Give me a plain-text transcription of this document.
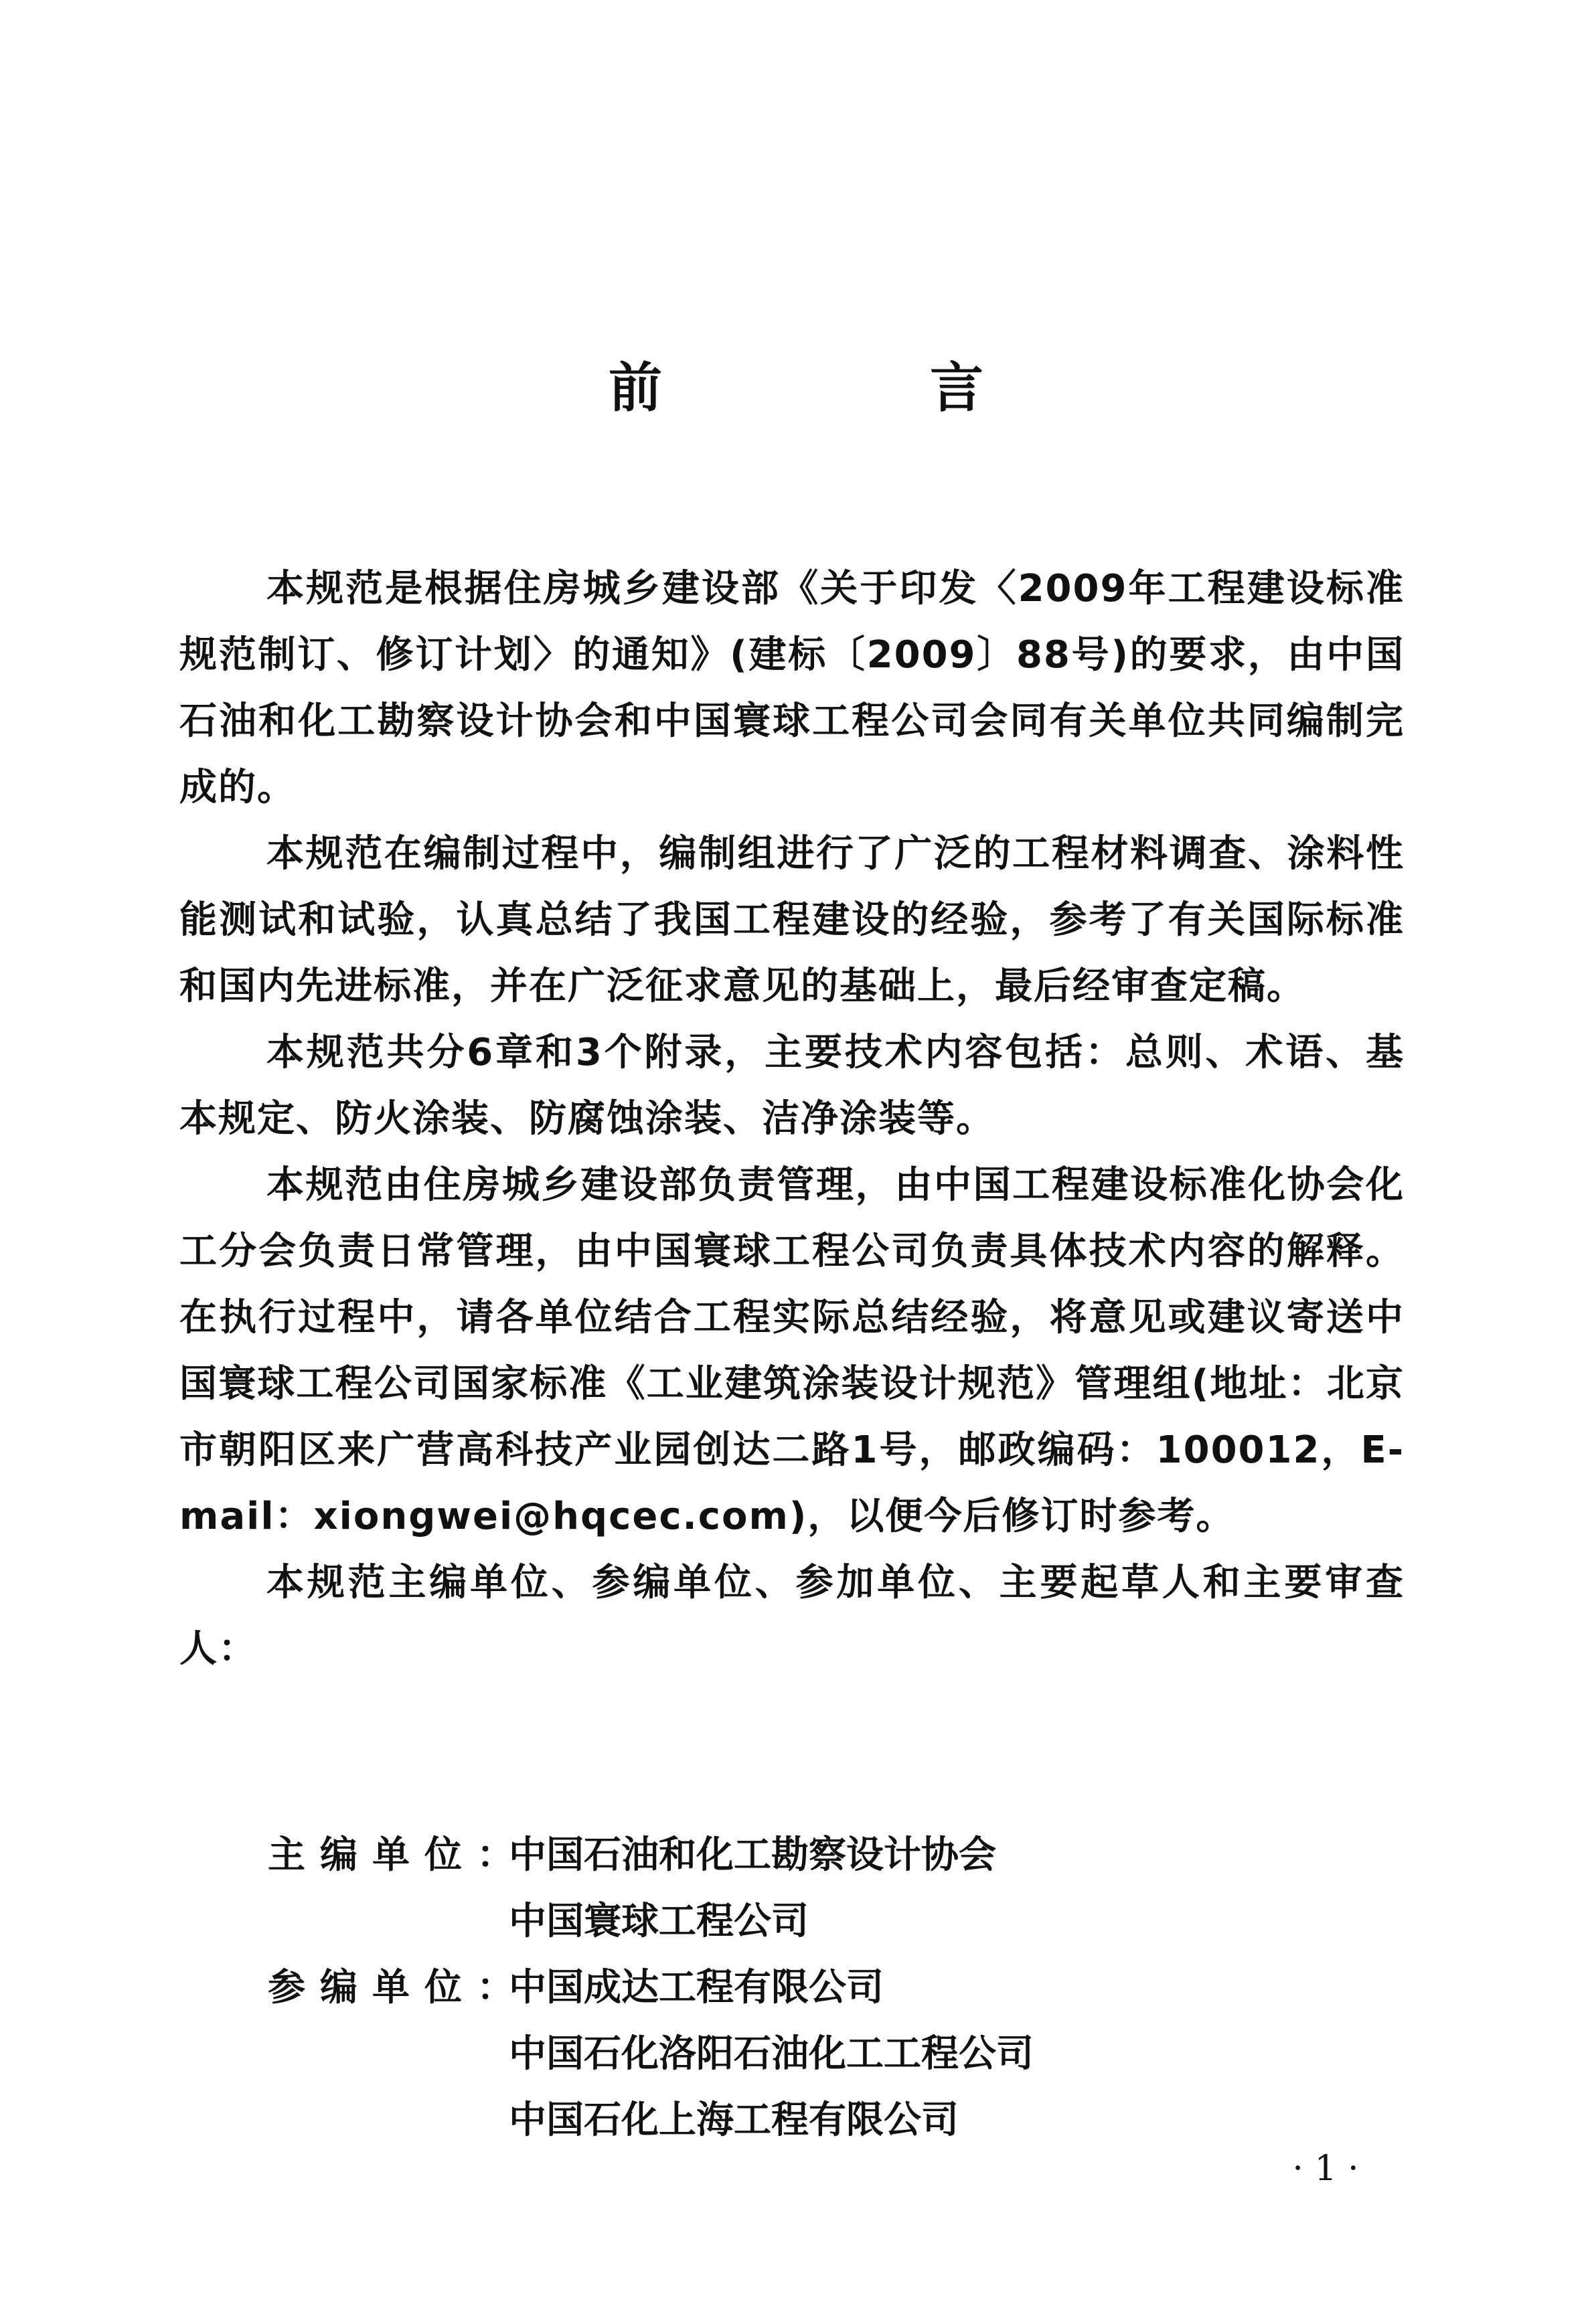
前　言

本规范是根据住房城乡建设部《关于印发〈2009年工程建设标准规范制订、修订计划〉的通知》(建标〔2009〕88号)的要求，由中国石油和化工勘察设计协会和中国寰球工程公司会同有关单位共同编制完成的。

本规范在编制过程中，编制组进行了广泛的工程材料调查、涂料性能测试和试验，认真总结了我国工程建设的经验，参考了有关国际标准和国内先进标准，并在广泛征求意见的基础上，最后经审查定稿。

本规范共分6章和3个附录，主要技术内容包括：总则、术语、基本规定、防火涂装、防腐蚀涂装、洁净涂装等。

本规范由住房城乡建设部负责管理，由中国工程建设标准化协会化工分会负责日常管理，由中国寰球工程公司负责具体技术内容的解释。在执行过程中，请各单位结合工程实际总结经验，将意见或建议寄送中国寰球工程公司国家标准《工业建筑涂装设计规范》管理组(地址：北京市朝阳区来广营高科技产业园创达二路1号，邮政编码：100012，E-mail：xiongwei@hqcec.com)，以便今后修订时参考。

本规范主编单位、参编单位、参加单位、主要起草人和主要审查人：

主编单位：
中国石油和化工勘察设计协会
中国寰球工程公司
参编单位：
中国成达工程有限公司
中国石化洛阳石油化工工程公司
中国石化上海工程有限公司
· 1 ·
